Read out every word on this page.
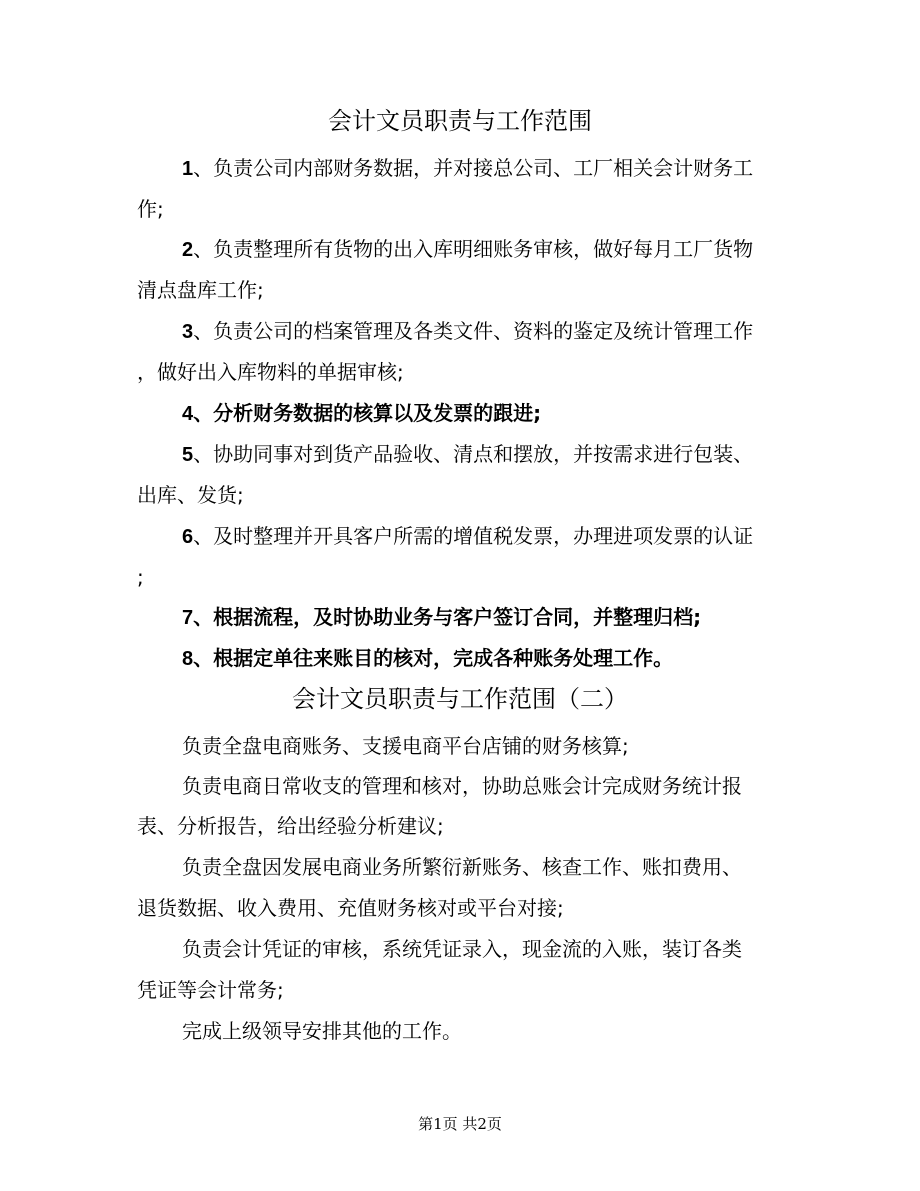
会计文员职责与工作范围

1、负责公司内部财务数据，并对接总公司、工厂相关会计财务工

作;

2、负责整理所有货物的出入库明细账务审核，做好每月工厂货物

清点盘库工作;

3、负责公司的档案管理及各类文件、资料的鉴定及统计管理工作

，做好出入库物料的单据审核;

4、分析财务数据的核算以及发票的跟进;

5、协助同事对到货产品验收、清点和摆放，并按需求进行包装、

出库、发货;

6、及时整理并开具客户所需的增值税发票，办理进项发票的认证

;

7、根据流程，及时协助业务与客户签订合同，并整理归档;

8、根据定单往来账目的核对，完成各种账务处理工作。

会计文员职责与工作范围（二）

负责全盘电商账务、支援电商平台店铺的财务核算;

负责电商日常收支的管理和核对，协助总账会计完成财务统计报

表、分析报告，给出经验分析建议;

负责全盘因发展电商业务所繁衍新账务、核查工作、账扣费用、

退货数据、收入费用、充值财务核对或平台对接;

负责会计凭证的审核，系统凭证录入，现金流的入账，装订各类

凭证等会计常务;

完成上级领导安排其他的工作。

第1页 共2页
